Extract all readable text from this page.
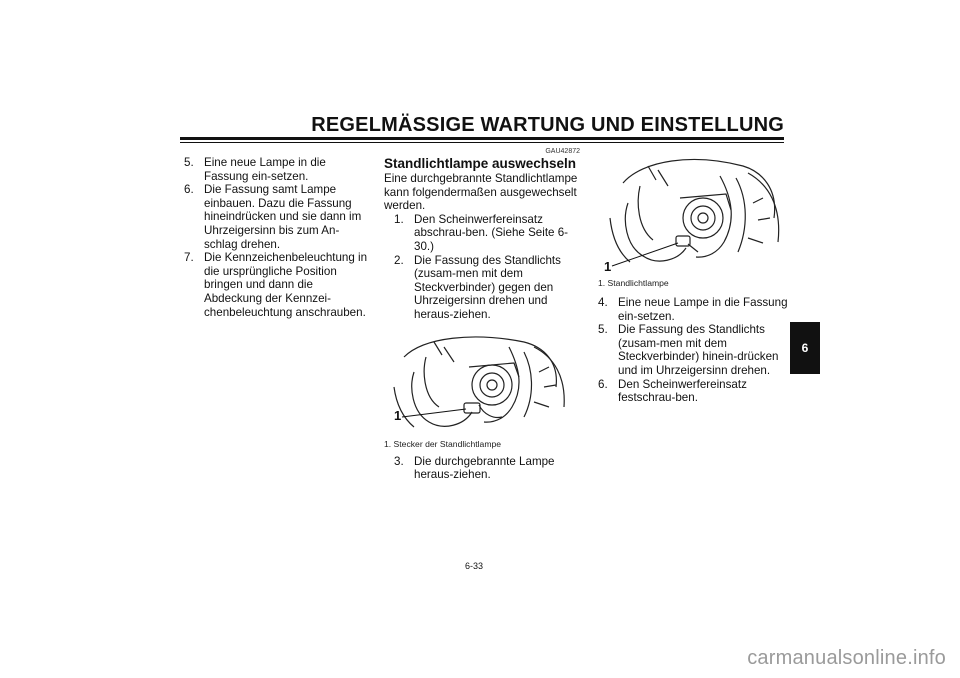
REGELMÄSSIGE WARTUNG UND EINSTELLUNG
5. Eine neue Lampe in die Fassung ein-setzen.
6. Die Fassung samt Lampe einbauen. Dazu die Fassung hineindrücken und sie dann im Uhrzeigersinn bis zum An-schlag drehen.
7. Die Kennzeichenbeleuchtung in die ursprüngliche Position bringen und dann die Abdeckung der Kennzei-chenbeleuchtung anschrauben.
GAU42872
Standlichtlampe auswechseln
Eine durchgebrannte Standlichtlampe kann folgendermaßen ausgewechselt werden.
1. Den Scheinwerfereinsatz abschrau-ben. (Siehe Seite 6-30.)
2. Die Fassung des Standlichts (zusam-men mit dem Steckverbinder) gegen den Uhrzeigersinn drehen und heraus-ziehen.
1
1. Stecker der Standlichtlampe
3. Die durchgebrannte Lampe heraus-ziehen.
1
1. Standlichtlampe
4. Eine neue Lampe in die Fassung ein-setzen.
5. Die Fassung des Standlichts (zusam-men mit dem Steckverbinder) hinein-drücken und im Uhrzeigersinn drehen.
6. Den Scheinwerfereinsatz festschrau-ben.
6
6-33
carmanualsonline.info
